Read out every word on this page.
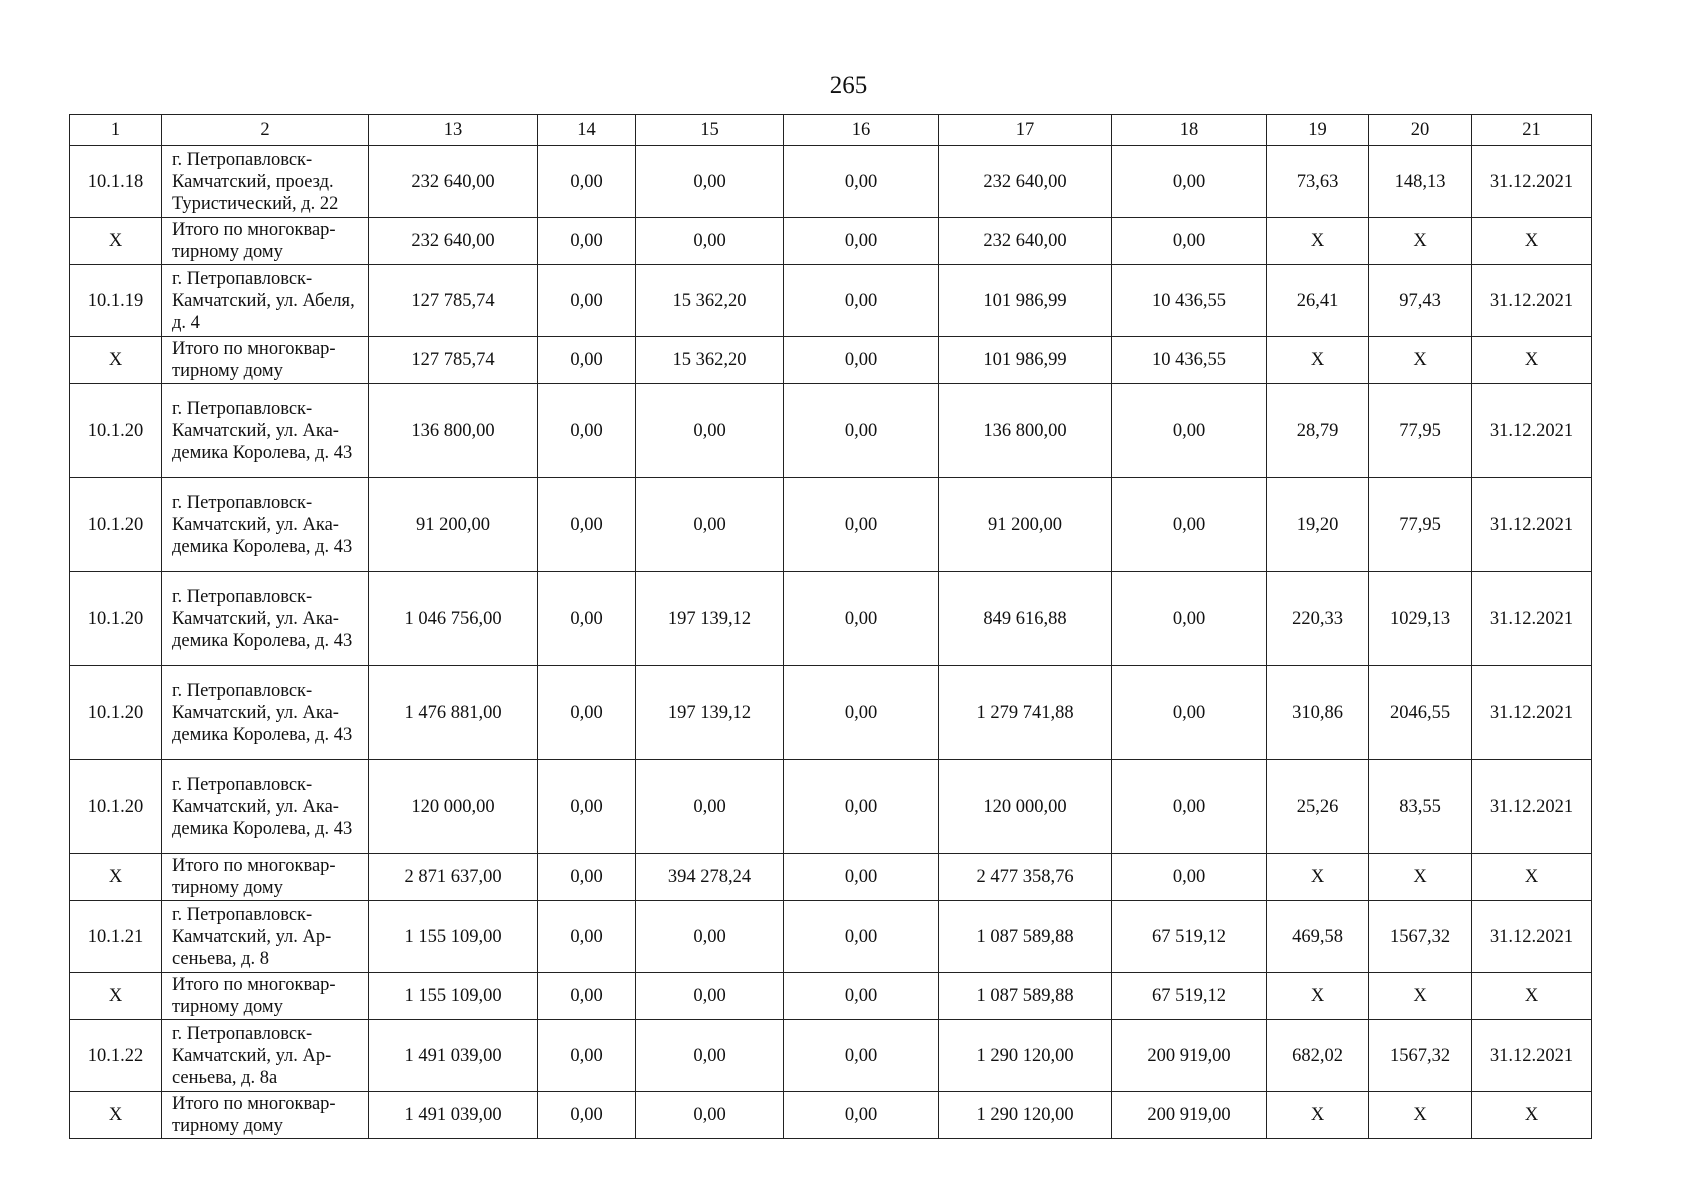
265
1	2	13	14	15	16	17	18	19	20	21
10.1.18	г. Петропавловск-Камчатский, проезд. Туристический, д. 22	232 640,00	0,00	0,00	0,00	232 640,00	0,00	73,63	148,13	31.12.2021
Х	Итого по многоквар-тирному дому	232 640,00	0,00	0,00	0,00	232 640,00	0,00	Х	Х	Х
10.1.19	г. Петропавловск-Камчатский, ул. Абеля, д. 4	127 785,74	0,00	15 362,20	0,00	101 986,99	10 436,55	26,41	97,43	31.12.2021
Х	Итого по многоквар-тирному дому	127 785,74	0,00	15 362,20	0,00	101 986,99	10 436,55	Х	Х	Х
10.1.20	г. Петропавловск-Камчатский, ул. Ака-демика Королева, д. 43	136 800,00	0,00	0,00	0,00	136 800,00	0,00	28,79	77,95	31.12.2021
10.1.20	г. Петропавловск-Камчатский, ул. Ака-демика Королева, д. 43	91 200,00	0,00	0,00	0,00	91 200,00	0,00	19,20	77,95	31.12.2021
10.1.20	г. Петропавловск-Камчатский, ул. Ака-демика Королева, д. 43	1 046 756,00	0,00	197 139,12	0,00	849 616,88	0,00	220,33	1029,13	31.12.2021
10.1.20	г. Петропавловск-Камчатский, ул. Ака-демика Королева, д. 43	1 476 881,00	0,00	197 139,12	0,00	1 279 741,88	0,00	310,86	2046,55	31.12.2021
10.1.20	г. Петропавловск-Камчатский, ул. Ака-демика Королева, д. 43	120 000,00	0,00	0,00	0,00	120 000,00	0,00	25,26	83,55	31.12.2021
Х	Итого по многоквар-тирному дому	2 871 637,00	0,00	394 278,24	0,00	2 477 358,76	0,00	Х	Х	Х
10.1.21	г. Петропавловск-Камчатский, ул. Ар-сеньева, д. 8	1 155 109,00	0,00	0,00	0,00	1 087 589,88	67 519,12	469,58	1567,32	31.12.2021
Х	Итого по многоквар-тирному дому	1 155 109,00	0,00	0,00	0,00	1 087 589,88	67 519,12	Х	Х	Х
10.1.22	г. Петропавловск-Камчатский, ул. Ар-сеньева, д. 8а	1 491 039,00	0,00	0,00	0,00	1 290 120,00	200 919,00	682,02	1567,32	31.12.2021
Х	Итого по многоквар-тирному дому	1 491 039,00	0,00	0,00	0,00	1 290 120,00	200 919,00	Х	Х	Х
